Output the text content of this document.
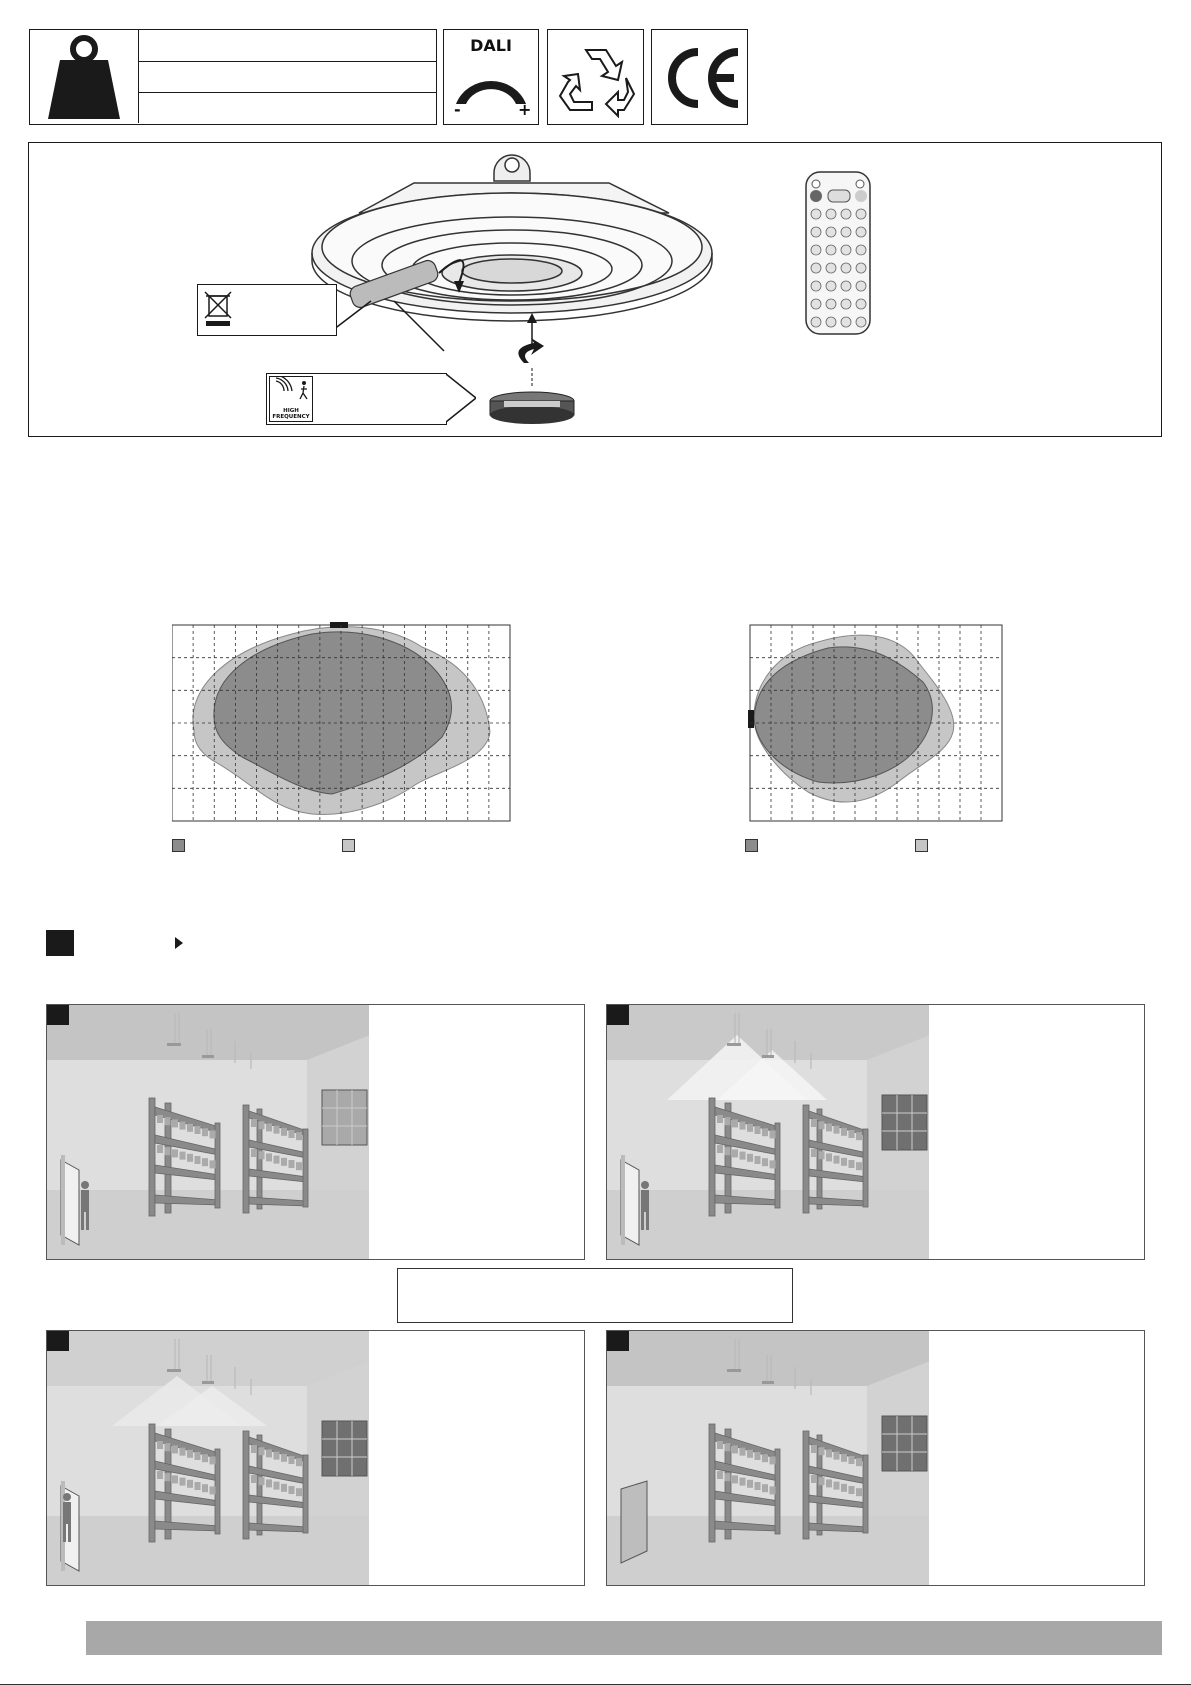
DALI
-	+
HIGH FREQUENCY
